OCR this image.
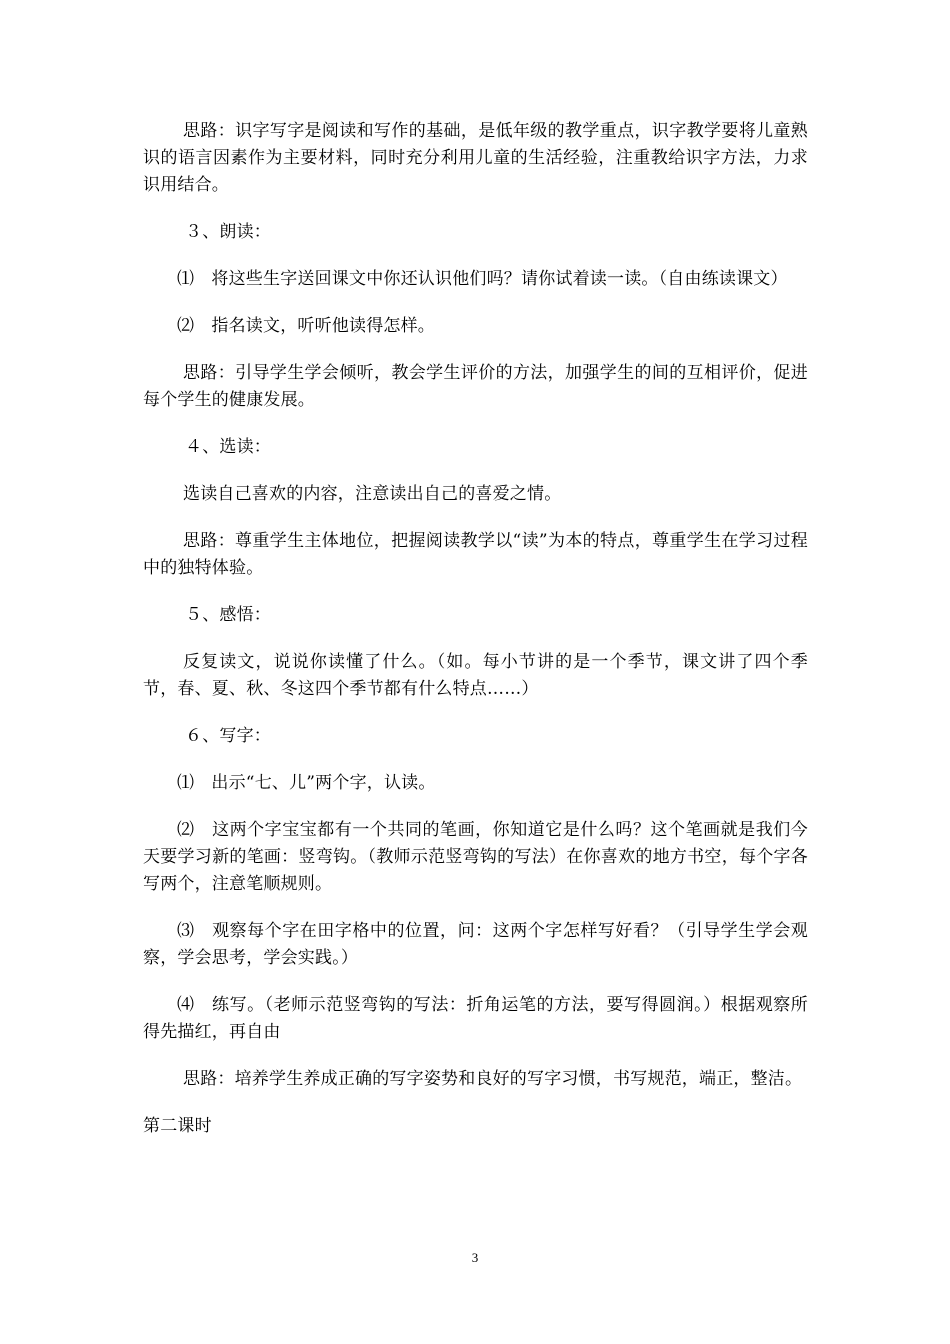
思路：识字写字是阅读和写作的基础，是低年级的教学重点，识字教学要将儿童熟识的语言因素作为主要材料，同时充分利用儿童的生活经验，注重教给识字方法，力求识用结合。

３、朗读：

⑴　将这些生字送回课文中你还认识他们吗？请你试着读一读。（自由练读课文）

⑵　指名读文，听听他读得怎样。

思路：引导学生学会倾听，教会学生评价的方法，加强学生的间的互相评价，促进每个学生的健康发展。

４、选读：

选读自己喜欢的内容，注意读出自己的喜爱之情。

思路：尊重学生主体地位，把握阅读教学以“读”为本的特点，尊重学生在学习过程中的独特体验。

５、感悟：

反复读文，说说你读懂了什么。（如。每小节讲的是一个季节，课文讲了四个季节，春、夏、秋、冬这四个季节都有什么特点……）

６、写字：

⑴　出示“七、儿”两个字，认读。

⑵　这两个字宝宝都有一个共同的笔画，你知道它是什么吗？这个笔画就是我们今天要学习新的笔画：竖弯钩。（教师示范竖弯钩的写法）在你喜欢的地方书空，每个字各写两个，注意笔顺规则。

⑶　观察每个字在田字格中的位置，问：这两个字怎样写好看？（引导学生学会观察，学会思考，学会实践。）

⑷　练写。（老师示范竖弯钩的写法：折角运笔的方法，要写得圆润。）根据观察所得先描红，再自由

思路：培养学生养成正确的写字姿势和良好的写字习惯，书写规范，端正，整洁。

第二课时

3
